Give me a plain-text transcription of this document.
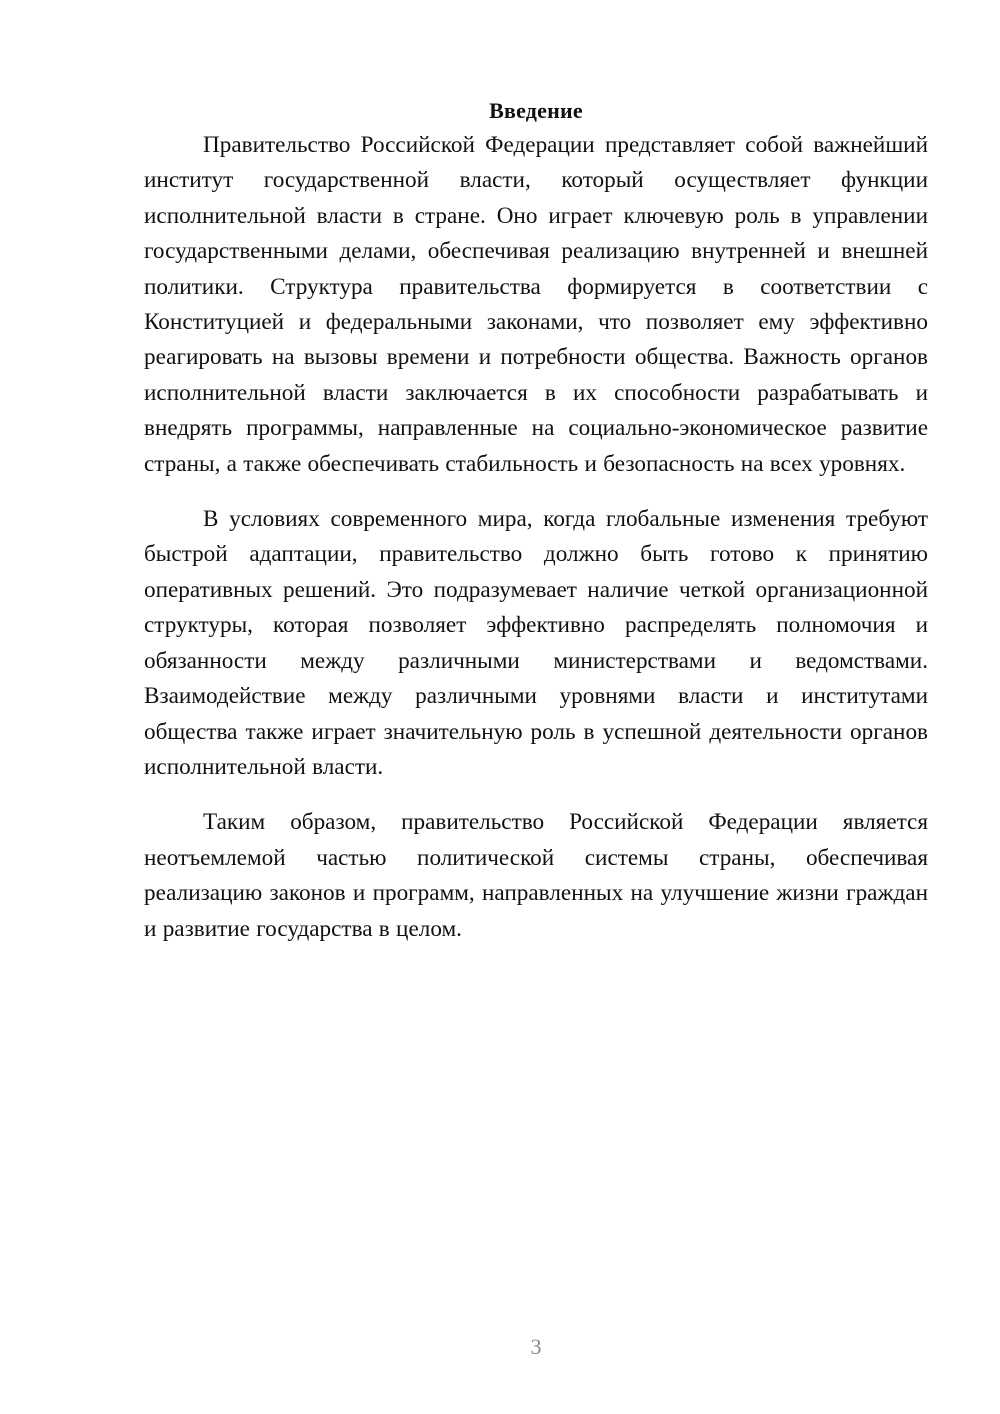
Введение

Правительство Российской Федерации представляет собой важнейший институт государственной власти, который осуществляет функции исполнительной власти в стране. Оно играет ключевую роль в управлении государственными делами, обеспечивая реализацию внутренней и внешней политики. Структура правительства формируется в соответствии с Конституцией и федеральными законами, что позволяет ему эффективно реагировать на вызовы времени и потребности общества. Важность органов исполнительной власти заключается в их способности разрабатывать и внедрять программы, направленные на социально-экономическое развитие страны, а также обеспечивать стабильность и безопасность на всех уровнях.

В условиях современного мира, когда глобальные изменения требуют быстрой адаптации, правительство должно быть готово к принятию оперативных решений. Это подразумевает наличие четкой организационной структуры, которая позволяет эффективно распределять полномочия и обязанности между различными министерствами и ведомствами. Взаимодействие между различными уровнями власти и институтами общества также играет значительную роль в успешной деятельности органов исполнительной власти.

Таким образом, правительство Российской Федерации является неотъемлемой частью политической системы страны, обеспечивая реализацию законов и программ, направленных на улучшение жизни граждан и развитие государства в целом.

3
